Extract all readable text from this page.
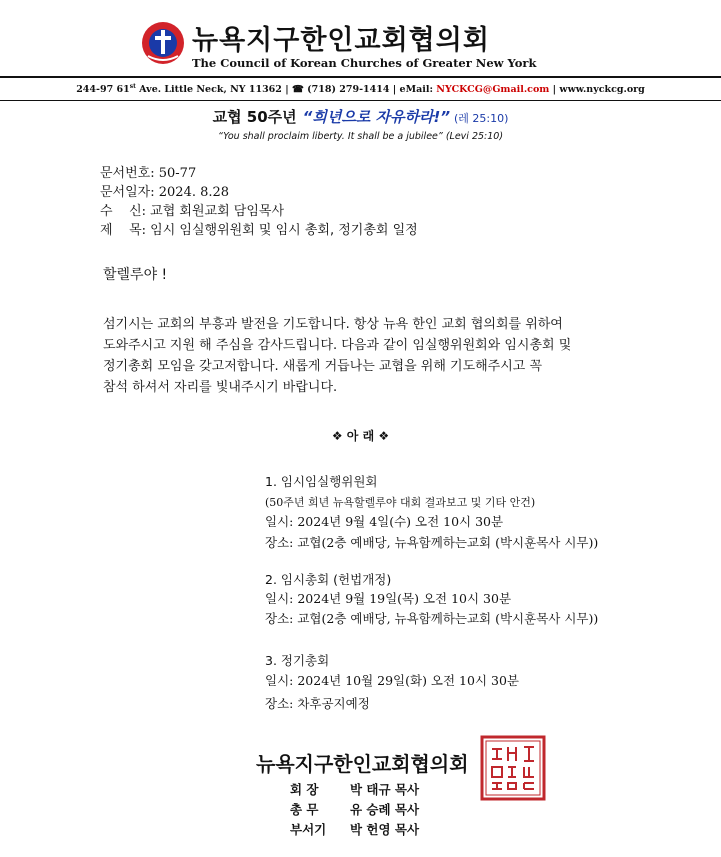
뉴욕지구한인교회협의회
The Council of Korean Churches of Greater New York
244-97 61st Ave. Little Neck, NY 11362 | ☎ (718) 279-1414 | eMail: NYCKCG@Gmail.com | www.nyckcg.org
교협 50주년 “희년으로 자유하라!” (레 25:10)
“You shall proclaim liberty. It shall be a jubilee” (Levi 25:10)
문서번호: 50-77
문서일자: 2024. 8.28
수    신: 교협 회원교회 담임목사
제    목: 임시 임실행위원회 및 임시 총회, 정기총회 일정
할렐루야 !
섬기시는 교회의 부흥과 발전을 기도합니다. 항상 뉴욕 한인 교회 협의회를 위하여
도와주시고 지원 해 주심을 감사드립니다. 다음과 같이 임실행위원회와 임시총회 및
정기총회 모임을 갖고저합니다. 새롭게 거듭나는 교협을 위해 기도해주시고 꼭
참석 하셔서 자리를 빛내주시기 바랍니다.
❖ 아 래 ❖
1. 임시임실행위원회
(50주년 희년 뉴욕할렐루야 대회 결과보고 및 기타 안건)
일시: 2024년 9월 4일(수) 오전 10시 30분
장소: 교협(2층 예배당, 뉴욕함께하는교회 (박시훈목사 시무))
2. 임시총회 (헌법개정)
일시: 2024년 9월 19일(목) 오전 10시 30분
장소: 교협(2층 예배당, 뉴욕함께하는교회 (박시훈목사 시무))
3. 정기총회
일시: 2024년 10월 29일(화) 오전 10시 30분
장소: 차후공지예정
뉴욕지구한인교회협의회
회 장	박 태규 목사
총 무	유 승례 목사
부서기 박 헌영 목사
